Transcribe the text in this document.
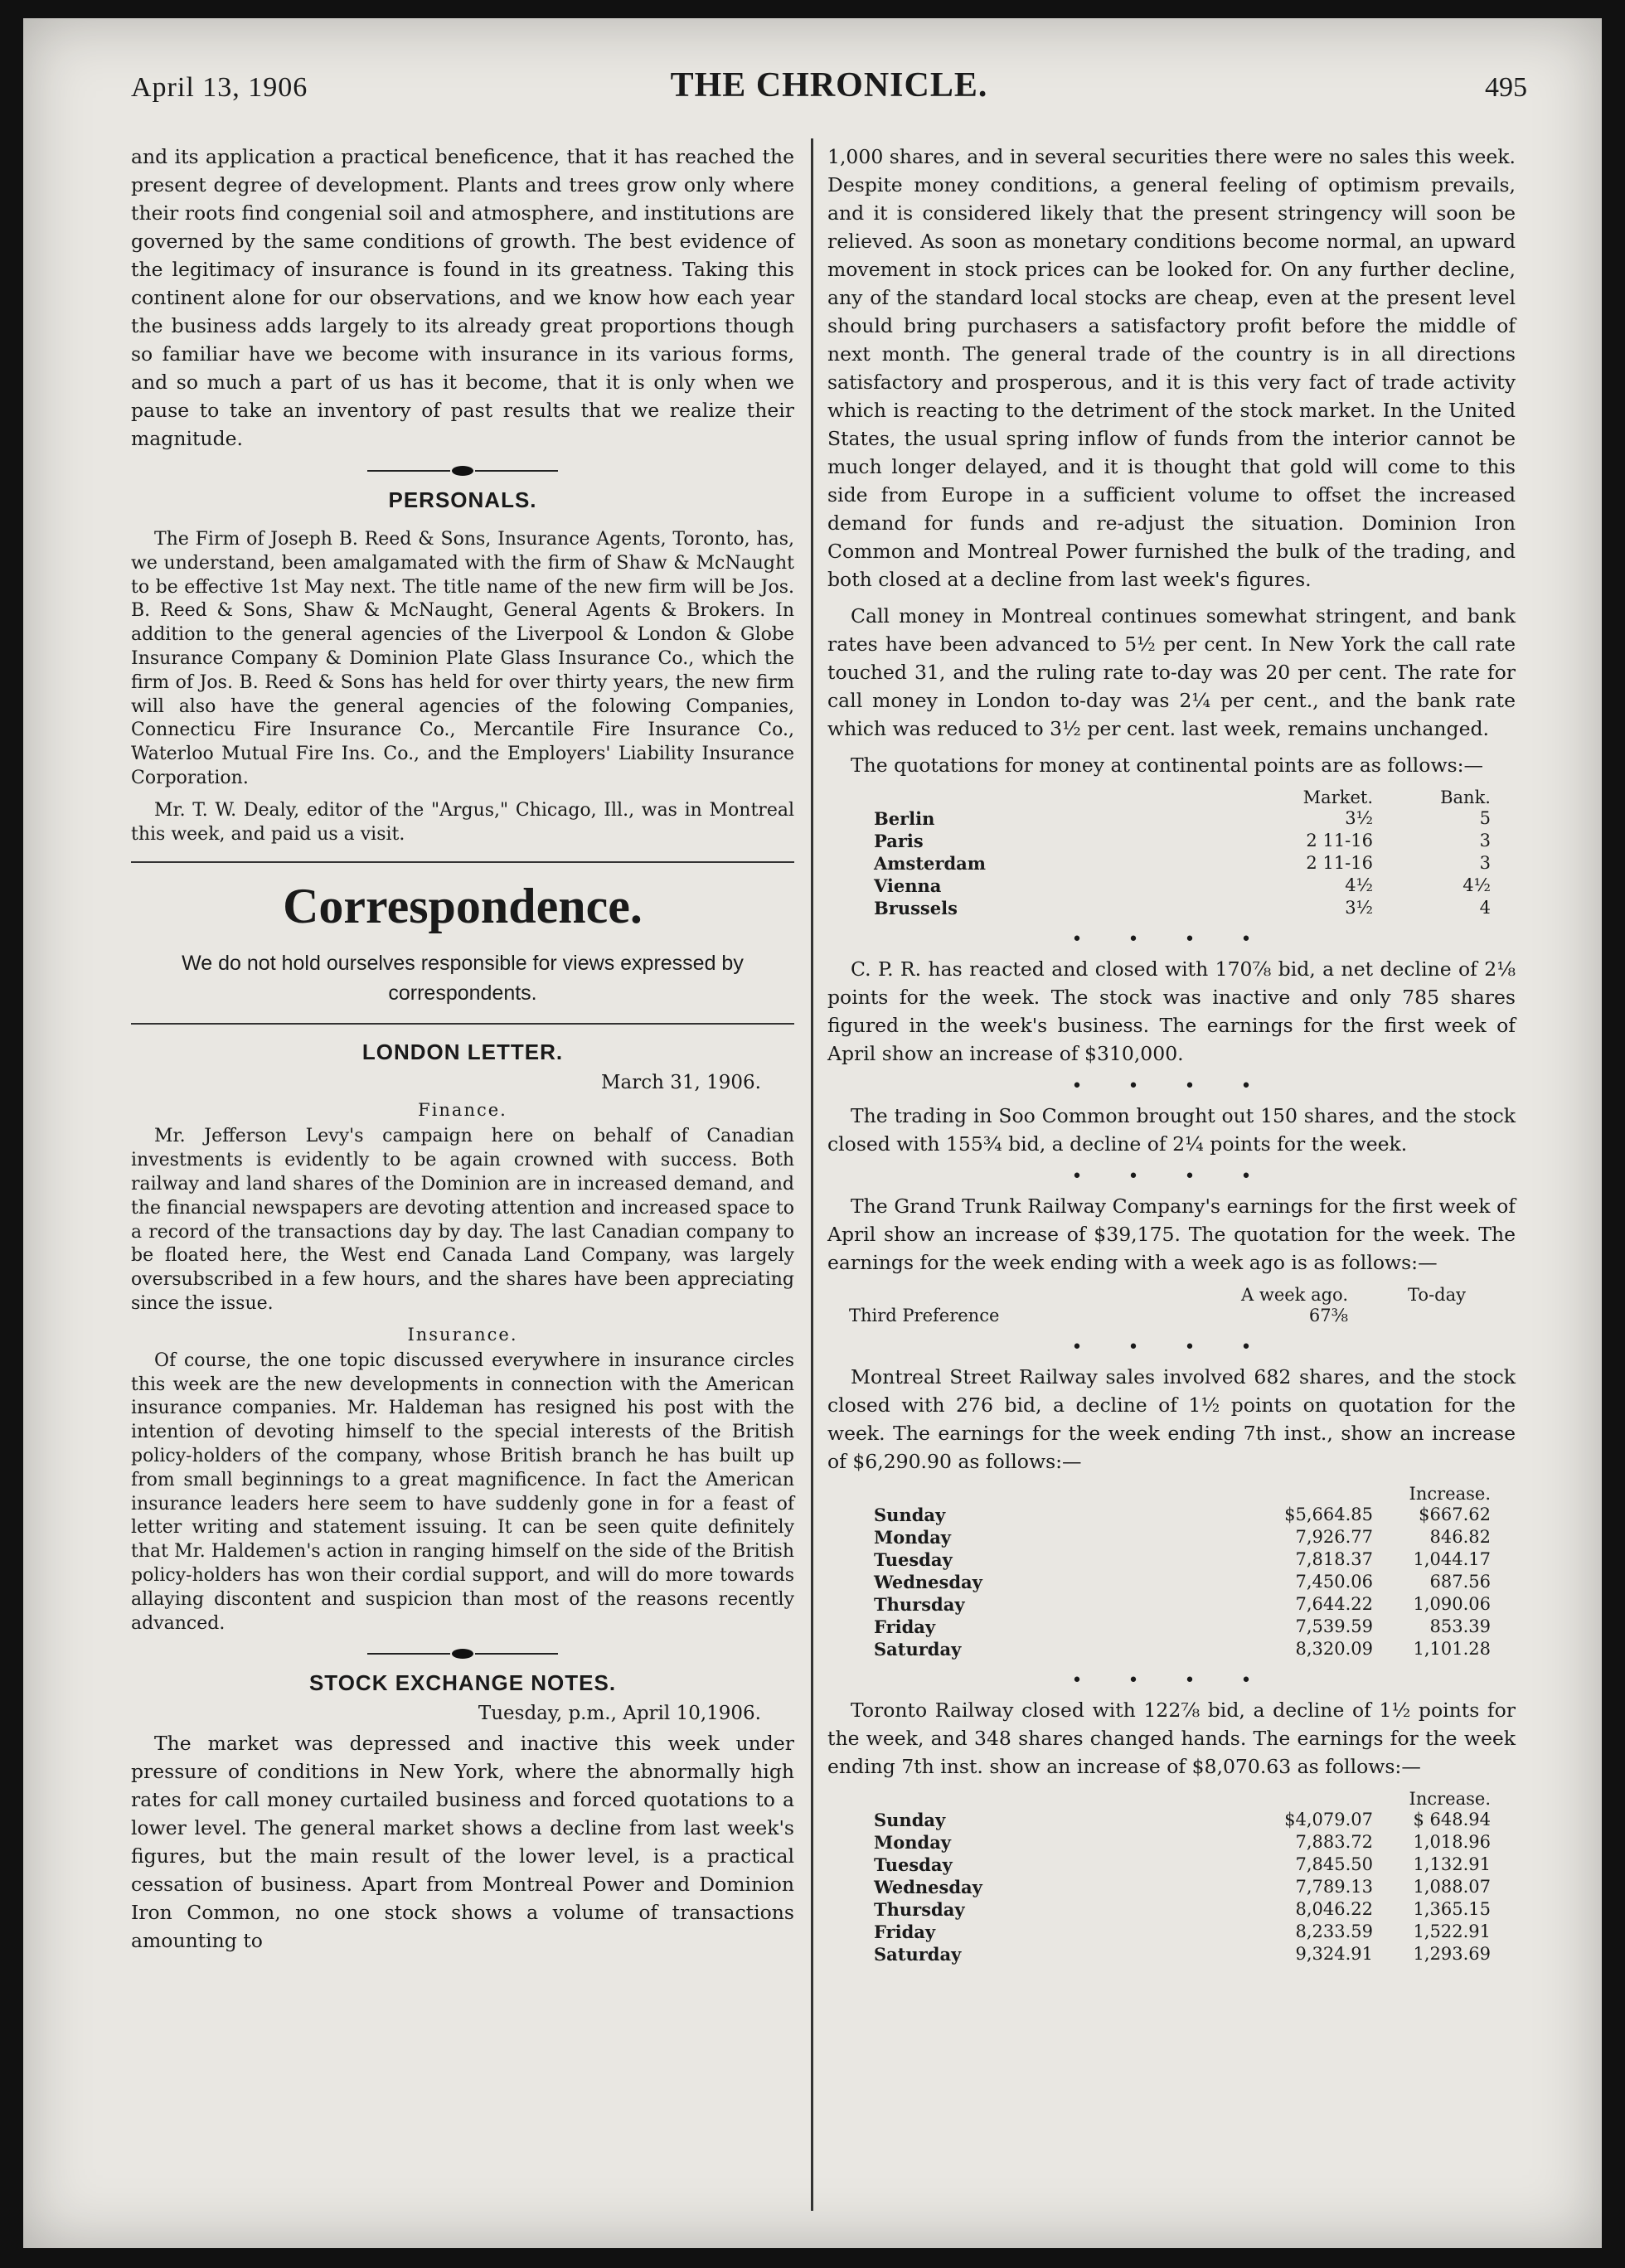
April 13, 1906	THE CHRONICLE.	495

and its application a practical beneficence, that it has reached the present degree of development. Plants and trees grow only where their roots find congenial soil and atmosphere, and institutions are governed by the same conditions of growth. The best evidence of the legitimacy of insurance is found in its greatness. Taking this continent alone for our observations, and we know how each year the business adds largely to its already great proportions though so familiar have we become with insurance in its various forms, and so much a part of us has it become, that it is only when we pause to take an inventory of past results that we realize their magnitude.

PERSONALS.

The Firm of Joseph B. Reed & Sons, Insurance Agents, Toronto, has, we understand, been amalgamated with the firm of Shaw & McNaught to be effective 1st May next. The title name of the new firm will be Jos. B. Reed & Sons, Shaw & McNaught, General Agents & Brokers. In addition to the general agencies of the Liverpool & London & Globe Insurance Company & Dominion Plate Glass Insurance Co., which the firm of Jos. B. Reed & Sons has held for over thirty years, the new firm will also have the general agencies of the folowing Companies, Connecticu Fire Insurance Co., Mercantile Fire Insurance Co., Waterloo Mutual Fire Ins. Co., and the Employers' Liability Insurance Corporation.

Mr. T. W. Dealy, editor of the "Argus," Chicago, Ill., was in Montreal this week, and paid us a visit.

Correspondence.
We do not hold ourselves responsible for views expressed by correspondents.
LONDON LETTER.
March 31, 1906.
Finance.

Mr. Jefferson Levy's campaign here on behalf of Canadian investments is evidently to be again crowned with success. Both railway and land shares of the Dominion are in increased demand, and the financial newspapers are devoting attention and increased space to a record of the transactions day by day. The last Canadian company to be floated here, the West end Canada Land Company, was largely oversubscribed in a few hours, and the shares have been appreciating since the issue.

Insurance.

Of course, the one topic discussed everywhere in insurance circles this week are the new developments in connection with the American insurance companies. Mr. Haldeman has resigned his post with the intention of devoting himself to the special interests of the British policy-holders of the company, whose British branch he has built up from small beginnings to a great magnificence. In fact the American insurance leaders here seem to have suddenly gone in for a feast of letter writing and statement issuing. It can be seen quite definitely that Mr. Haldemen's action in ranging himself on the side of the British policy-holders has won their cordial support, and will do more towards allaying discontent and suspicion than most of the reasons recently advanced.

STOCK EXCHANGE NOTES.
Tuesday, p.m., April 10,1906.

The market was depressed and inactive this week under pressure of conditions in New York, where the abnormally high rates for call money curtailed business and forced quotations to a lower level. The general market shows a decline from last week's figures, but the main result of the lower level, is a practical cessation of business. Apart from Montreal Power and Dominion Iron Common, no one stock shows a volume of transactions amounting to

1,000 shares, and in several securities there were no sales this week. Despite money conditions, a general feeling of optimism prevails, and it is considered likely that the present stringency will soon be relieved. As soon as monetary conditions become normal, an upward movement in stock prices can be looked for. On any further decline, any of the standard local stocks are cheap, even at the present level should bring purchasers a satisfactory profit before the middle of next month. The general trade of the country is in all directions satisfactory and prosperous, and it is this very fact of trade activity which is reacting to the detriment of the stock market. In the United States, the usual spring inflow of funds from the interior cannot be much longer delayed, and it is thought that gold will come to this side from Europe in a sufficient volume to offset the increased demand for funds and re-adjust the situation. Dominion Iron Common and Montreal Power furnished the bulk of the trading, and both closed at a decline from last week's figures.

Call money in Montreal continues somewhat stringent, and bank rates have been advanced to 5½ per cent. In New York the call rate touched 31, and the ruling rate to-day was 20 per cent. The rate for call money in London to-day was 2¼ per cent., and the bank rate which was reduced to 3½ per cent. last week, remains unchanged.

The quotations for money at continental points are as follows:—

	Market.	Bank.
Berlin	3½	5
Paris	2 11-16	3
Amsterdam	2 11-16	3
Vienna	4½	4½
Brussels	3½	4
• • • •

C. P. R. has reacted and closed with 170⅞ bid, a net decline of 2⅛ points for the week. The stock was inactive and only 785 shares figured in the week's business. The earnings for the first week of April show an increase of $310,000.

• • • •

The trading in Soo Common brought out 150 shares, and the stock closed with 155¾ bid, a decline of 2¼ points for the week.

• • • •

The Grand Trunk Railway Company's earnings for the first week of April show an increase of $39,175. The quotation for the week. The earnings for the week ending with a week ago is as follows:—

	A week ago.	To-day
Third Preference	67⅜	
• • • •

Montreal Street Railway sales involved 682 shares, and the stock closed with 276 bid, a decline of 1½ points on quotation for the week. The earnings for the week ending 7th inst., show an increase of $6,290.90 as follows:—

		Increase.
Sunday	$5,664.85	$667.62
Monday	7,926.77	846.82
Tuesday	7,818.37	1,044.17
Wednesday	7,450.06	687.56
Thursday	7,644.22	1,090.06
Friday	7,539.59	853.39
Saturday	8,320.09	1,101.28
• • • •

Toronto Railway closed with 122⅞ bid, a decline of 1½ points for the week, and 348 shares changed hands. The earnings for the week ending 7th inst. show an increase of $8,070.63 as follows:—

		Increase.
Sunday	$4,079.07	$ 648.94
Monday	7,883.72	1,018.96
Tuesday	7,845.50	1,132.91
Wednesday	7,789.13	1,088.07
Thursday	8,046.22	1,365.15
Friday	8,233.59	1,522.91
Saturday	9,324.91	1,293.69
